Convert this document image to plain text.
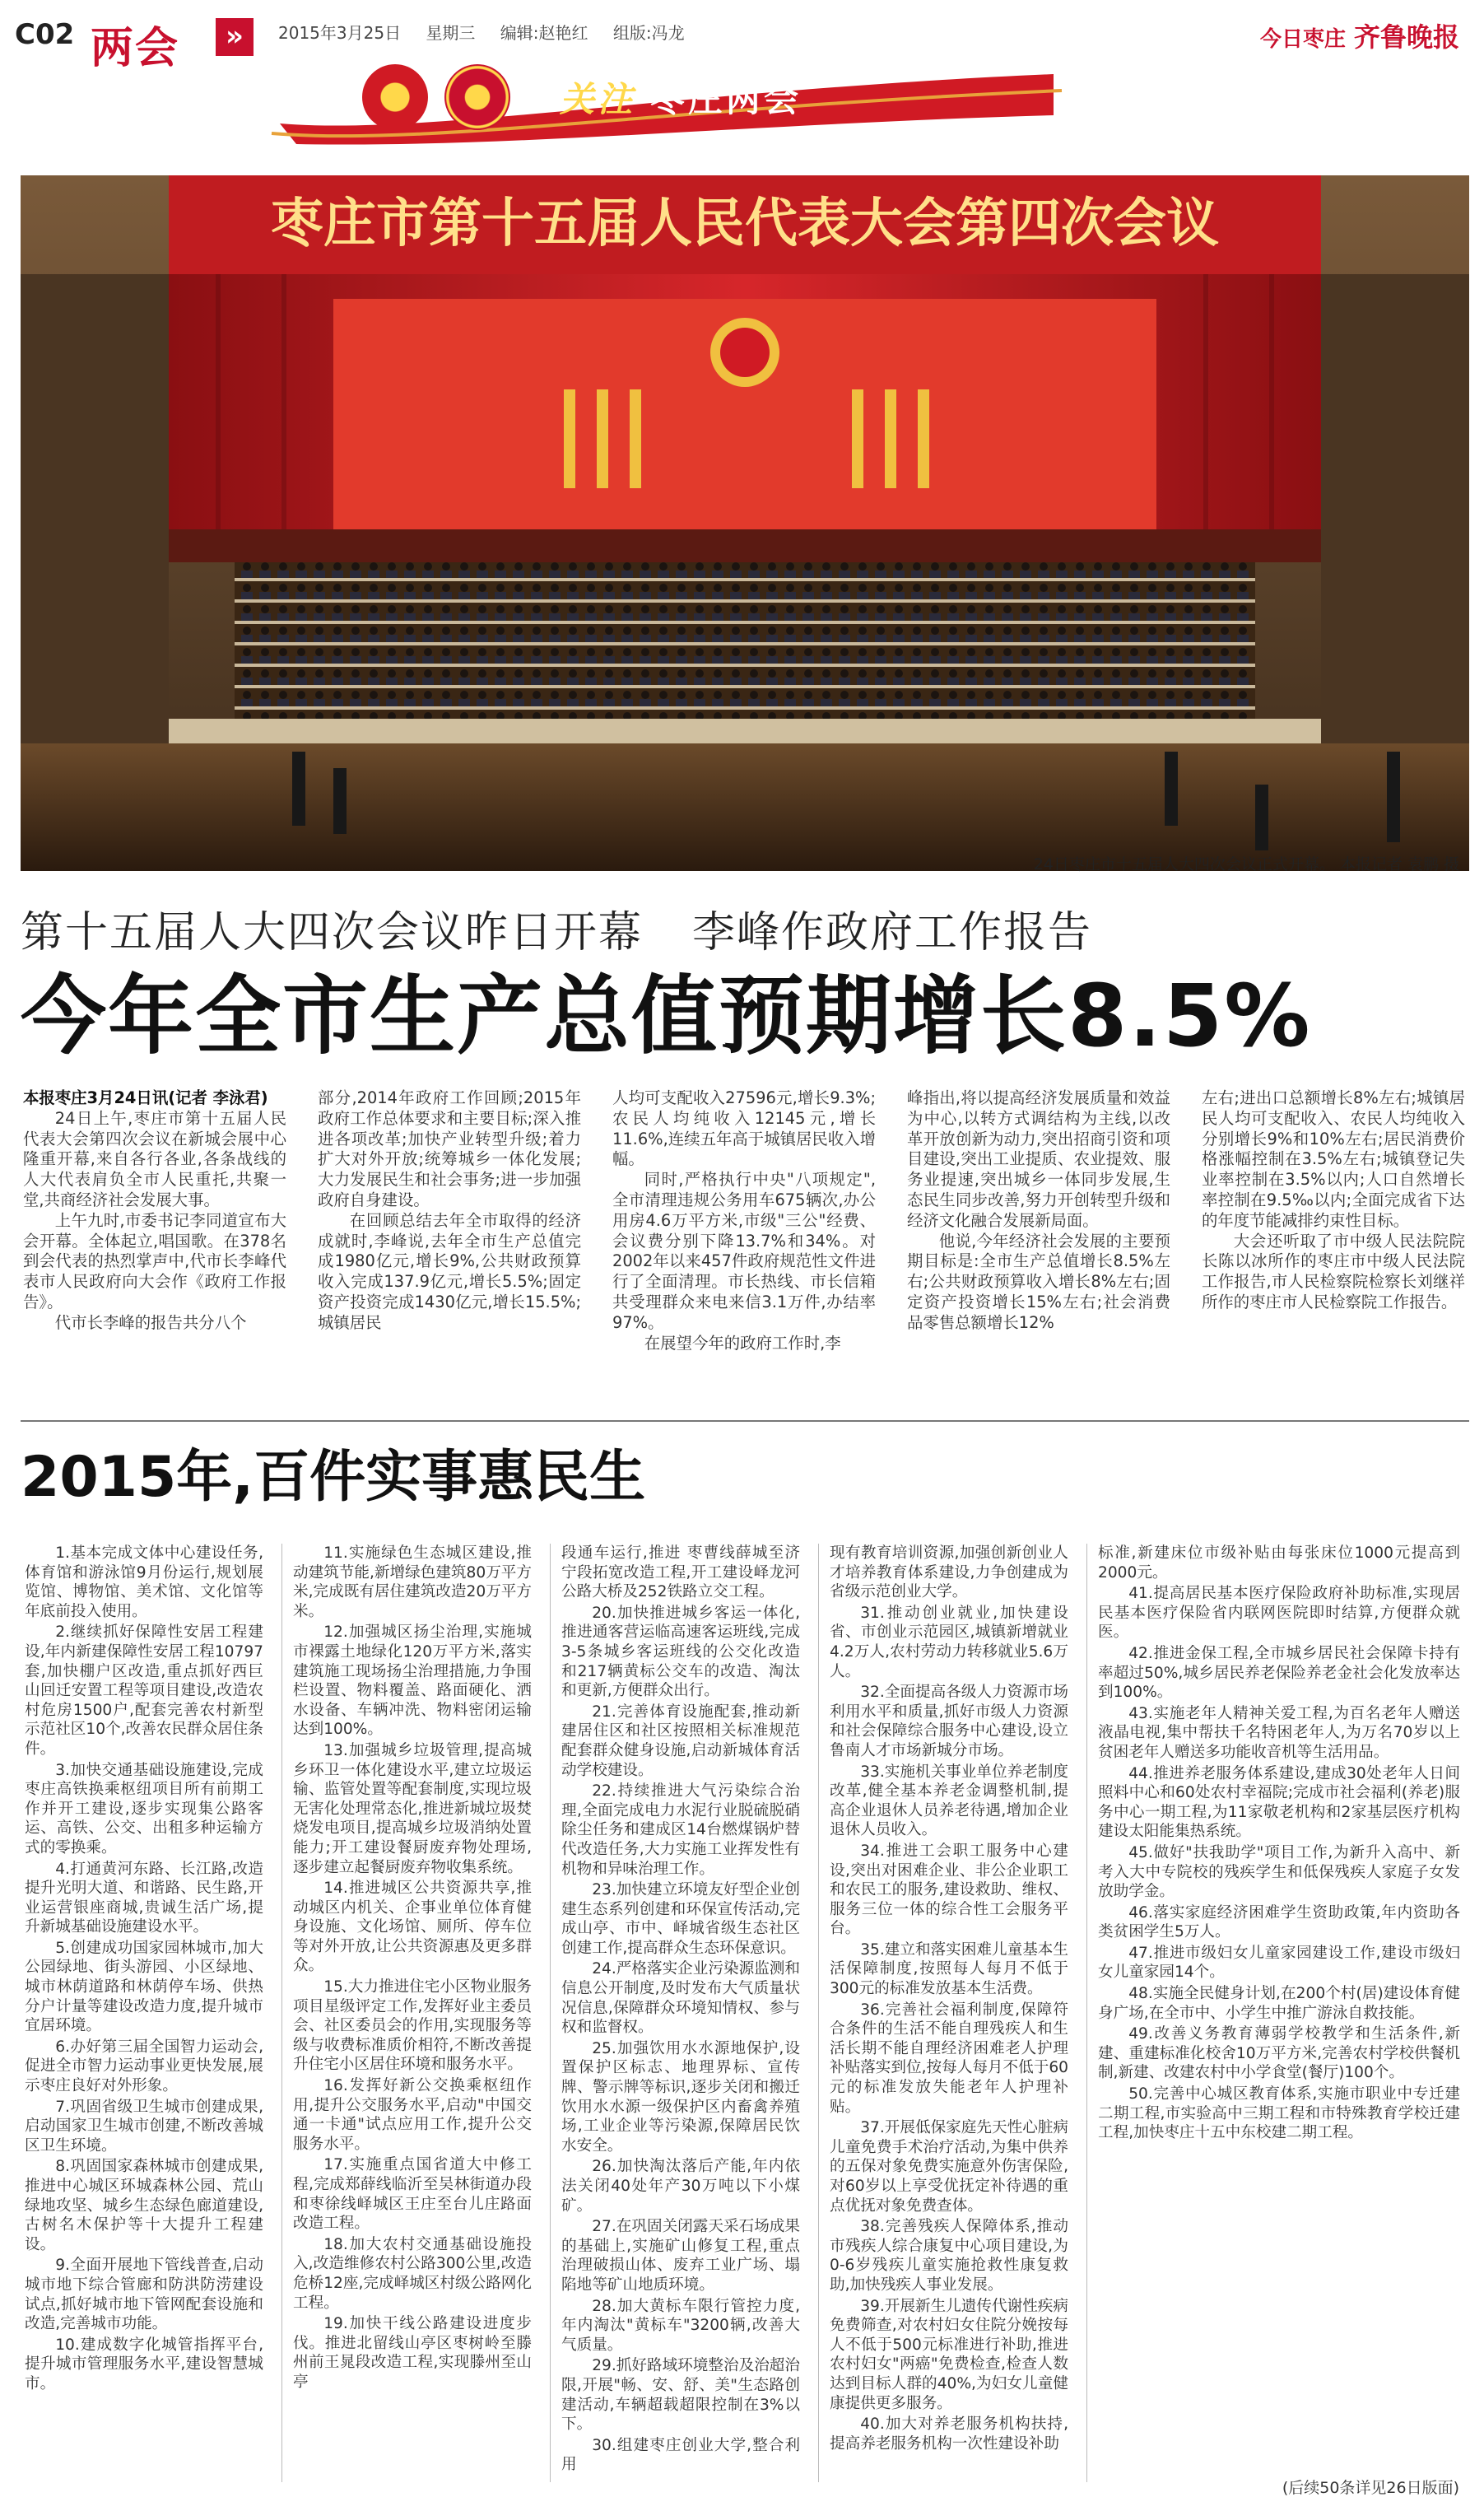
C02 两会	»	2015年3月25日 星期三 编辑:赵艳红 组版:冯龙	今日枣庄 齐鲁晚报
关注 枣庄两会
枣庄市第十五届人民代表大会第四次会议
24日枣庄市十五届人大四次会议正式开幕。 本报记者 袁鹏 摄
第十五届人大四次会议昨日开幕 李峰作政府工作报告
今年全市生产总值预期增长8.5%

本报枣庄3月24日讯(记者 李泳君)

24日上午,枣庄市第十五届人民代表大会第四次会议在新城会展中心隆重开幕,来自各行各业,各条战线的人大代表肩负全市人民重托,共聚一堂,共商经济社会发展大事。

上午九时,市委书记李同道宣布大会开幕。全体起立,唱国歌。在378名到会代表的热烈掌声中,代市长李峰代表市人民政府向大会作《政府工作报告》。

代市长李峰的报告共分八个

部分,2014年政府工作回顾;2015年政府工作总体要求和主要目标;深入推进各项改革;加快产业转型升级;着力扩大对外开放;统筹城乡一体化发展;大力发展民生和社会事务;进一步加强政府自身建设。

在回顾总结去年全市取得的经济成就时,李峰说,去年全市生产总值完成1980亿元,增长9%,公共财政预算收入完成137.9亿元,增长5.5%;固定资产投资完成1430亿元,增长15.5%;城镇居民

人均可支配收入27596元,增长9.3%;农民人均纯收入12145元,增长11.6%,连续五年高于城镇居民收入增幅。

同时,严格执行中央"八项规定",全市清理违规公务用车675辆次,办公用房4.6万平方米,市级"三公"经费、会议费分别下降13.7%和34%。对2002年以来457件政府规范性文件进行了全面清理。市长热线、市长信箱共受理群众来电来信3.1万件,办结率97%。

在展望今年的政府工作时,李

峰指出,将以提高经济发展质量和效益为中心,以转方式调结构为主线,以改革开放创新为动力,突出招商引资和项目建设,突出工业提质、农业提效、服务业提速,突出城乡一体同步发展,生态民生同步改善,努力开创转型升级和经济文化融合发展新局面。

他说,今年经济社会发展的主要预期目标是:全市生产总值增长8.5%左右;公共财政预算收入增长8%左右;固定资产投资增长15%左右;社会消费品零售总额增长12%

左右;进出口总额增长8%左右;城镇居民人均可支配收入、农民人均纯收入分别增长9%和10%左右;居民消费价格涨幅控制在3.5%左右;城镇登记失业率控制在3.5%以内;人口自然增长率控制在9.5‰以内;全面完成省下达的年度节能减排约束性目标。

大会还听取了市中级人民法院院长陈以冰所作的枣庄市中级人民法院工作报告,市人民检察院检察长刘继祥所作的枣庄市人民检察院工作报告。

2015年,百件实事惠民生

1.基本完成文体中心建设任务,体育馆和游泳馆9月份运行,规划展览馆、博物馆、美术馆、文化馆等年底前投入使用。

2.继续抓好保障性安居工程建设,年内新建保障性安居工程10797套,加快棚户区改造,重点抓好西巨山回迁安置工程等项目建设,改造农村危房1500户,配套完善农村新型示范社区10个,改善农民群众居住条件。

3.加快交通基础设施建设,完成枣庄高铁换乘枢纽项目所有前期工作并开工建设,逐步实现集公路客运、高铁、公交、出租多种运输方式的零换乘。

4.打通黄河东路、长江路,改造提升光明大道、和谐路、民生路,开业运营银座商城,贵诚生活广场,提升新城基础设施建设水平。

5.创建成功国家园林城市,加大公园绿地、街头游园、小区绿地、城市林荫道路和林荫停车场、供热分户计量等建设改造力度,提升城市宜居环境。

6.办好第三届全国智力运动会,促进全市智力运动事业更快发展,展示枣庄良好对外形象。

7.巩固省级卫生城市创建成果,启动国家卫生城市创建,不断改善城区卫生环境。

8.巩固国家森林城市创建成果,推进中心城区环城森林公园、荒山绿地攻坚、城乡生态绿色廊道建设,古树名木保护等十大提升工程建设。

9.全面开展地下管线普查,启动城市地下综合管廊和防洪防涝建设试点,抓好城市地下管网配套设施和改造,完善城市功能。

10.建成数字化城管指挥平台,提升城市管理服务水平,建设智慧城市。

11.实施绿色生态城区建设,推动建筑节能,新增绿色建筑80万平方米,完成既有居住建筑改造20万平方米。

12.加强城区扬尘治理,实施城市裸露土地绿化120万平方米,落实建筑施工现场扬尘治理措施,力争围栏设置、物料覆盖、路面硬化、洒水设备、车辆冲洗、物料密闭运输达到100%。

13.加强城乡垃圾管理,提高城乡环卫一体化建设水平,建立垃圾运输、监管处置等配套制度,实现垃圾无害化处理常态化,推进新城垃圾焚烧发电项目,提高城乡垃圾消纳处置能力;开工建设餐厨废弃物处理场,逐步建立起餐厨废弃物收集系统。

14.推进城区公共资源共享,推动城区内机关、企事业单位体育健身设施、文化场馆、厕所、停车位等对外开放,让公共资源惠及更多群众。

15.大力推进住宅小区物业服务项目星级评定工作,发挥好业主委员会、社区委员会的作用,实现服务等级与收费标准质价相符,不断改善提升住宅小区居住环境和服务水平。

16.发挥好新公交换乘枢纽作用,提升公交服务水平,启动"中国交通一卡通"试点应用工作,提升公交服务水平。

17.实施重点国省道大中修工程,完成郑薛线临沂至吴林街道办段和枣徐线峄城区王庄至台儿庄路面改造工程。

18.加大农村交通基础设施投入,改造维修农村公路300公里,改造危桥12座,完成峄城区村级公路网化工程。

19.加快干线公路建设进度步伐。推进北留线山亭区枣树岭至滕州前王晁段改造工程,实现滕州至山亭

段通车运行,推进 枣曹线薛城至济宁段拓宽改造工程,开工建设峄龙河公路大桥及252铁路立交工程。

20.加快推进城乡客运一体化,推进通客营运临高速客运班线,完成3-5条城乡客运班线的公交化改造和217辆黄标公交车的改造、淘汰和更新,方便群众出行。

21.完善体育设施配套,推动新建居住区和社区按照相关标准规范配套群众健身设施,启动新城体育活动学校建设。

22.持续推进大气污染综合治理,全面完成电力水泥行业脱硫脱硝除尘任务和建成区14台燃煤锅炉替代改造任务,大力实施工业挥发性有机物和异味治理工作。

23.加快建立环境友好型企业创建生态系列创建和环保宣传活动,完成山亭、市中、峄城省级生态社区创建工作,提高群众生态环保意识。

24.严格落实企业污染源监测和信息公开制度,及时发布大气质量状况信息,保障群众环境知情权、参与权和监督权。

25.加强饮用水水源地保护,设置保护区标志、地理界标、宣传牌、警示牌等标识,逐步关闭和搬迁饮用水水源一级保护区内畜禽养殖场,工业企业等污染源,保障居民饮水安全。

26.加快淘汰落后产能,年内依法关闭40处年产30万吨以下小煤矿。

27.在巩固关闭露天采石场成果的基础上,实施矿山修复工程,重点治理破损山体、废弃工业广场、塌陷地等矿山地质环境。

28.加大黄标车限行管控力度,年内淘汰"黄标车"3200辆,改善大气质量。

29.抓好路域环境整治及治超治限,开展"畅、安、舒、美"生态路创建活动,车辆超载超限控制在3%以下。

30.组建枣庄创业大学,整合利用

现有教育培训资源,加强创新创业人才培养教育体系建设,力争创建成为省级示范创业大学。

31.推动创业就业,加快建设省、市创业示范园区,城镇新增就业4.2万人,农村劳动力转移就业5.6万人。

32.全面提高各级人力资源市场利用水平和质量,抓好市级人力资源和社会保障综合服务中心建设,设立鲁南人才市场新城分市场。

33.实施机关事业单位养老制度改革,健全基本养老金调整机制,提高企业退休人员养老待遇,增加企业退休人员收入。

34.推进工会职工服务中心建设,突出对困难企业、非公企业职工和农民工的服务,建设救助、维权、服务三位一体的综合性工会服务平台。

35.建立和落实困难儿童基本生活保障制度,按照每人每月不低于300元的标准发放基本生活费。

36.完善社会福利制度,保障符合条件的生活不能自理残疾人和生活长期不能自理经济困难老人护理补贴落实到位,按每人每月不低于60元的标准发放失能老年人护理补贴。

37.开展低保家庭先天性心脏病儿童免费手术治疗活动,为集中供养的五保对象免费实施意外伤害保险,对60岁以上享受优抚定补待遇的重点优抚对象免费查体。

38.完善残疾人保障体系,推动市残疾人综合康复中心项目建设,为0-6岁残疾儿童实施抢救性康复救助,加快残疾人事业发展。

39.开展新生儿遗传代谢性疾病免费筛查,对农村妇女住院分娩按每人不低于500元标准进行补助,推进农村妇女"两癌"免费检查,检查人数达到目标人群的40%,为妇女儿童健康提供更多服务。

40.加大对养老服务机构扶持,提高养老服务机构一次性建设补助

标准,新建床位市级补贴由每张床位1000元提高到2000元。

41.提高居民基本医疗保险政府补助标准,实现居民基本医疗保险省内联网医院即时结算,方便群众就医。

42.推进金保工程,全市城乡居民社会保障卡持有率超过50%,城乡居民养老保险养老金社会化发放率达到100%。

43.实施老年人精神关爱工程,为百名老年人赠送液晶电视,集中帮扶千名特困老年人,为万名70岁以上贫困老年人赠送多功能收音机等生活用品。

44.推进养老服务体系建设,建成30处老年人日间照料中心和60处农村幸福院;完成市社会福利(养老)服务中心一期工程,为11家敬老机构和2家基层医疗机构建设太阳能集热系统。

45.做好"扶我助学"项目工作,为新升入高中、新考入大中专院校的残疾学生和低保残疾人家庭子女发放助学金。

46.落实家庭经济困难学生资助政策,年内资助各类贫困学生5万人。

47.推进市级妇女儿童家园建设工作,建设市级妇女儿童家园14个。

48.实施全民健身计划,在200个村(居)建设体育健身广场,在全市中、小学生中推广游泳自救技能。

49.改善义务教育薄弱学校教学和生活条件,新建、重建标准化校舍10万平方米,完善农村学校供餐机制,新建、改建农村中小学食堂(餐厅)100个。

50.完善中心城区教育体系,实施市职业中专迁建二期工程,市实验高中三期工程和市特殊教育学校迁建工程,加快枣庄十五中东校建二期工程。

(后续50条详见26日版面)
